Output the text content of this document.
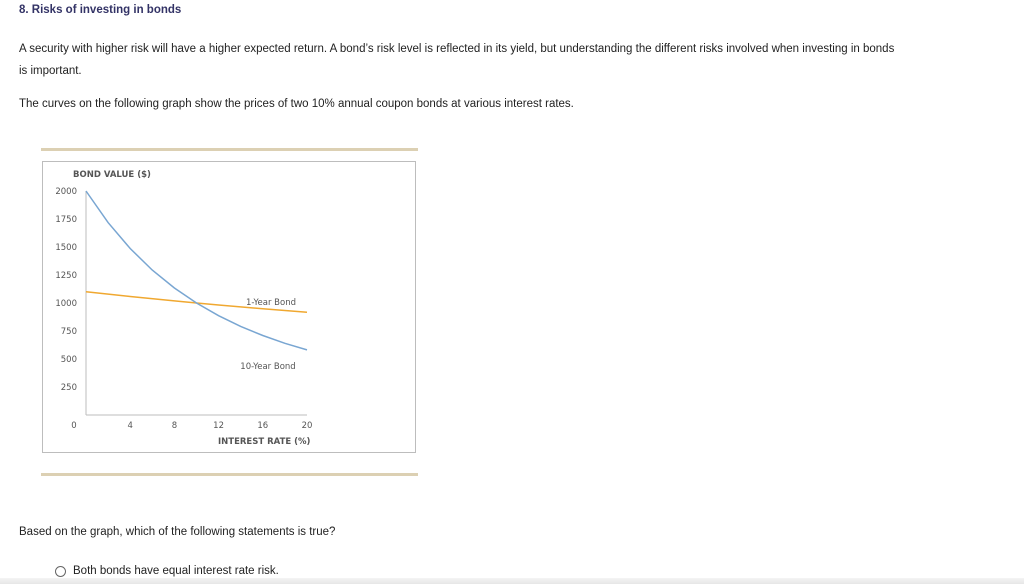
8. Risks of investing in bonds

A security with higher risk will have a higher expected return. A bond’s risk level is reflected in its yield, but understanding the different risks involved when investing in bonds is important.

The curves on the following graph show the prices of two 10% annual coupon bonds at various interest rates.

BOND VALUE ($)
INTEREST RATE (%)
2000
1750
1500
1250
1000
750
500
250
0	4	8	12	16	20
1-Year Bond
10-Year Bond

Based on the graph, which of the following statements is true?

Both bonds have equal interest rate risk.
